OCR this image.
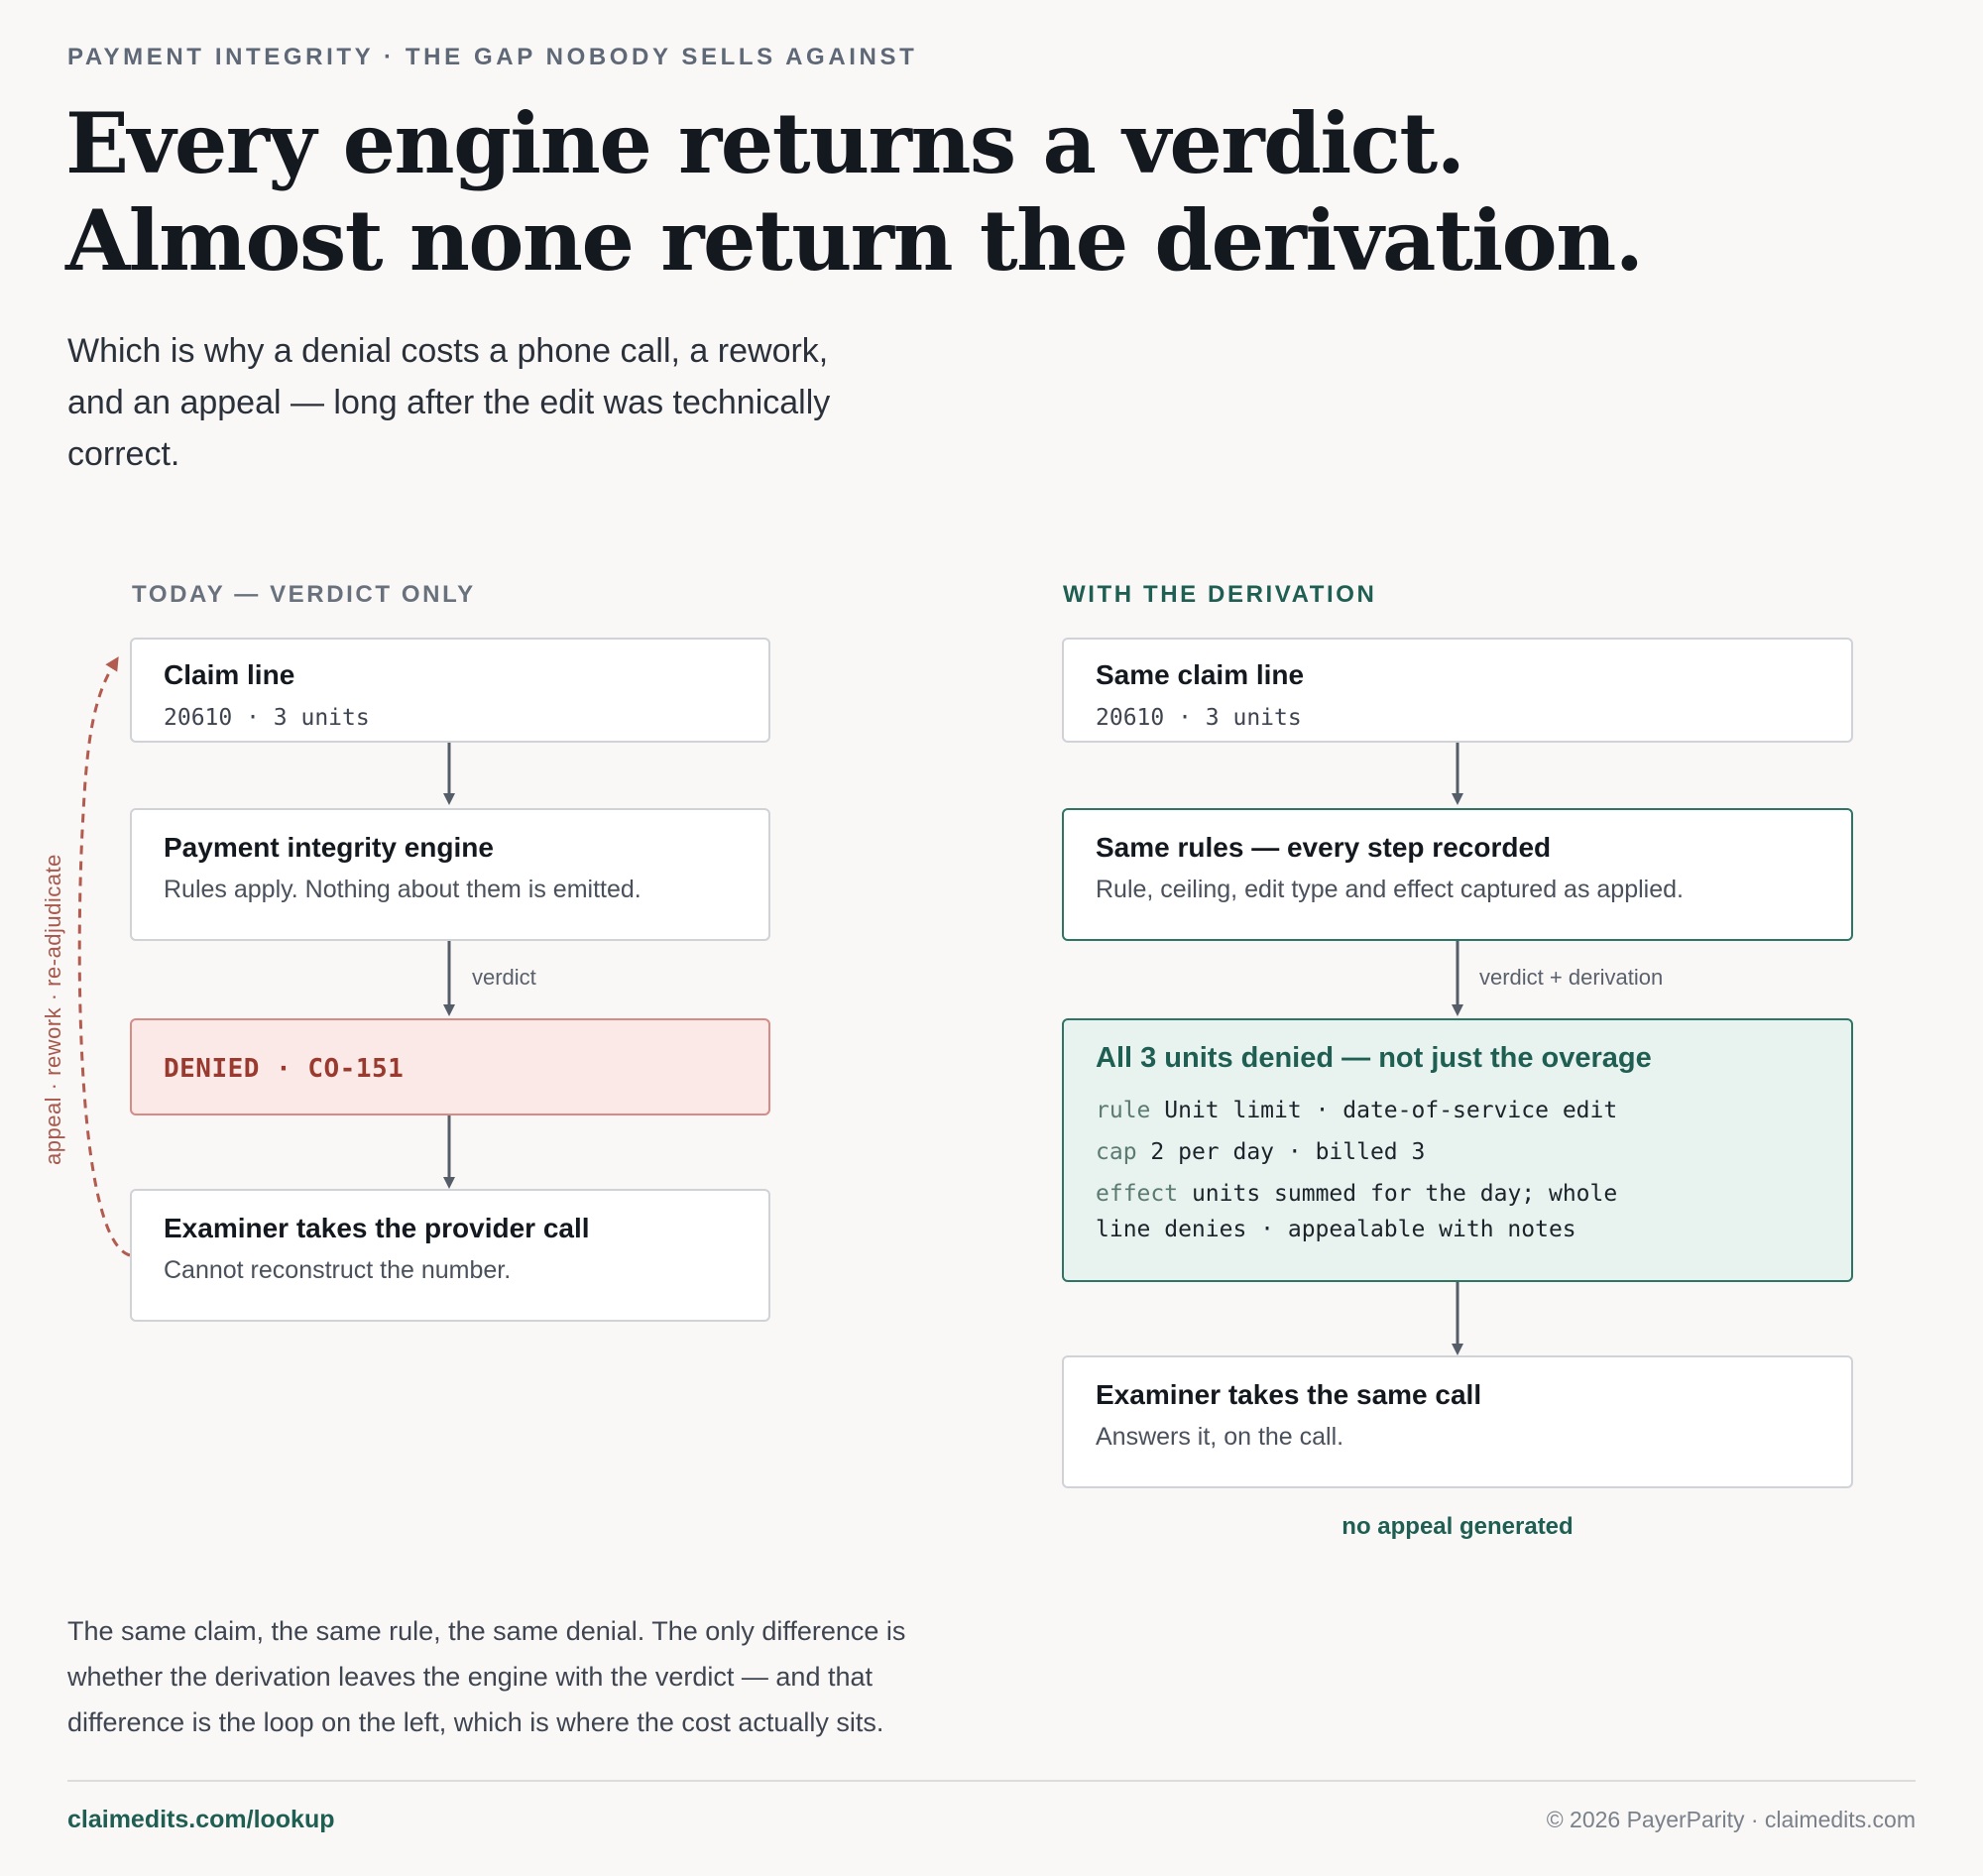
PAYMENT INTEGRITY · THE GAP NOBODY SELLS AGAINST
Every engine returns a verdict.
Almost none return the derivation.
Which is why a denial costs a phone call, a rework, and an appeal — long after the edit was technically correct.
TODAY — VERDICT ONLY
Claim line
20610 · 3 units
Payment integrity engine
Rules apply. Nothing about them is emitted.
verdict
DENIED · CO-151
Examiner takes the provider call
Cannot reconstruct the number.
appeal · rework · re-adjudicate
WITH THE DERIVATION
Same claim line
20610 · 3 units
Same rules — every step recorded
Rule, ceiling, edit type and effect captured as applied.
verdict + derivation
All 3 units denied — not just the overage
rule Unit limit · date-of-service edit
cap 2 per day · billed 3
effect units summed for the day; whole
line denies · appealable with notes
Examiner takes the same call
Answers it, on the call.
no appeal generated
The same claim, the same rule, the same denial. The only difference is whether the derivation leaves the engine with the verdict — and that difference is the loop on the left, which is where the cost actually sits.
claimedits.com/lookup	© 2026 PayerParity · claimedits.com
